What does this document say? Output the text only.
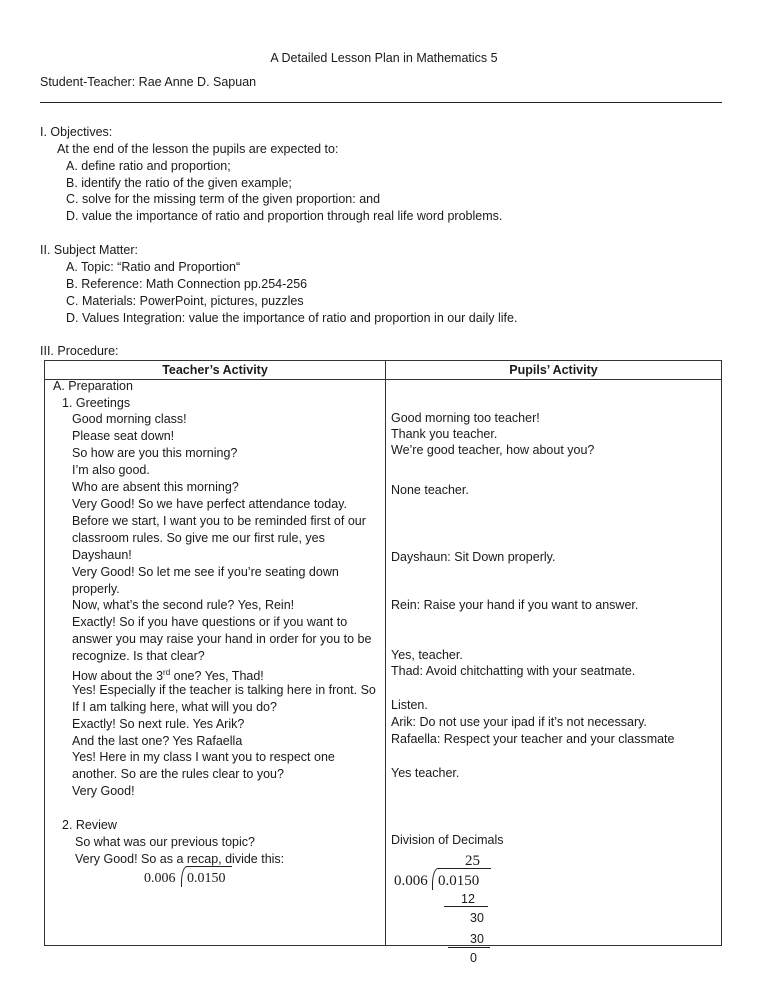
A Detailed Lesson Plan in Mathematics 5
Student-Teacher: Rae Anne D. Sapuan
I. Objectives:
At the end of the lesson the pupils are expected to:
A. define ratio and proportion;
B. identify the ratio of the given example;
C. solve for the missing term of the given proportion: and
D. value the importance of ratio and proportion through real life word problems.
II. Subject Matter:
A. Topic: “Ratio and Proportion“
B. Reference: Math Connection pp.254-256
C. Materials: PowerPoint, pictures, puzzles
D. Values Integration: value the importance of ratio and proportion in our daily life.
III. Procedure:
Teacher’s Activity	Pupils’ Activity
A. Preparation
1. Greetings
Good morning class!
Please seat down!
So how are you this morning?
I’m also good.
Who are absent this morning?
Very Good! So we have perfect attendance today.
Before we start, I want you to be reminded first of our
classroom rules. So give me our first rule, yes
Dayshaun!
Very Good! So let me see if you’re seating down
properly.
Now, what’s the second rule? Yes, Rein!
Exactly! So if you have questions or if you want to
answer you may raise your hand in order for you to be
recognize. Is that clear?
How about the 3rd one? Yes, Thad!
Yes! Especially if the teacher is talking here in front. So
If I am talking here, what will you do?
Exactly! So next rule. Yes Arik?
And the last one? Yes Rafaella
Yes! Here in my class I want you to respect one
another. So are the rules clear to you?
Very Good!
2. Review
So what was our previous topic?
Very Good! So as a recap, divide this:
0.006 0.0150
Good morning too teacher!
Thank you teacher.
We’re good teacher, how about you?
None teacher.
Dayshaun: Sit Down properly.
Rein: Raise your hand if you want to answer.
Yes, teacher.
Thad: Avoid chitchatting with your seatmate.
Listen.
Arik: Do not use your ipad if it’s not necessary.
Rafaella: Respect your teacher and your classmate
Yes teacher.
Division of Decimals
25
0.006 0.0150
12
30
30
0
